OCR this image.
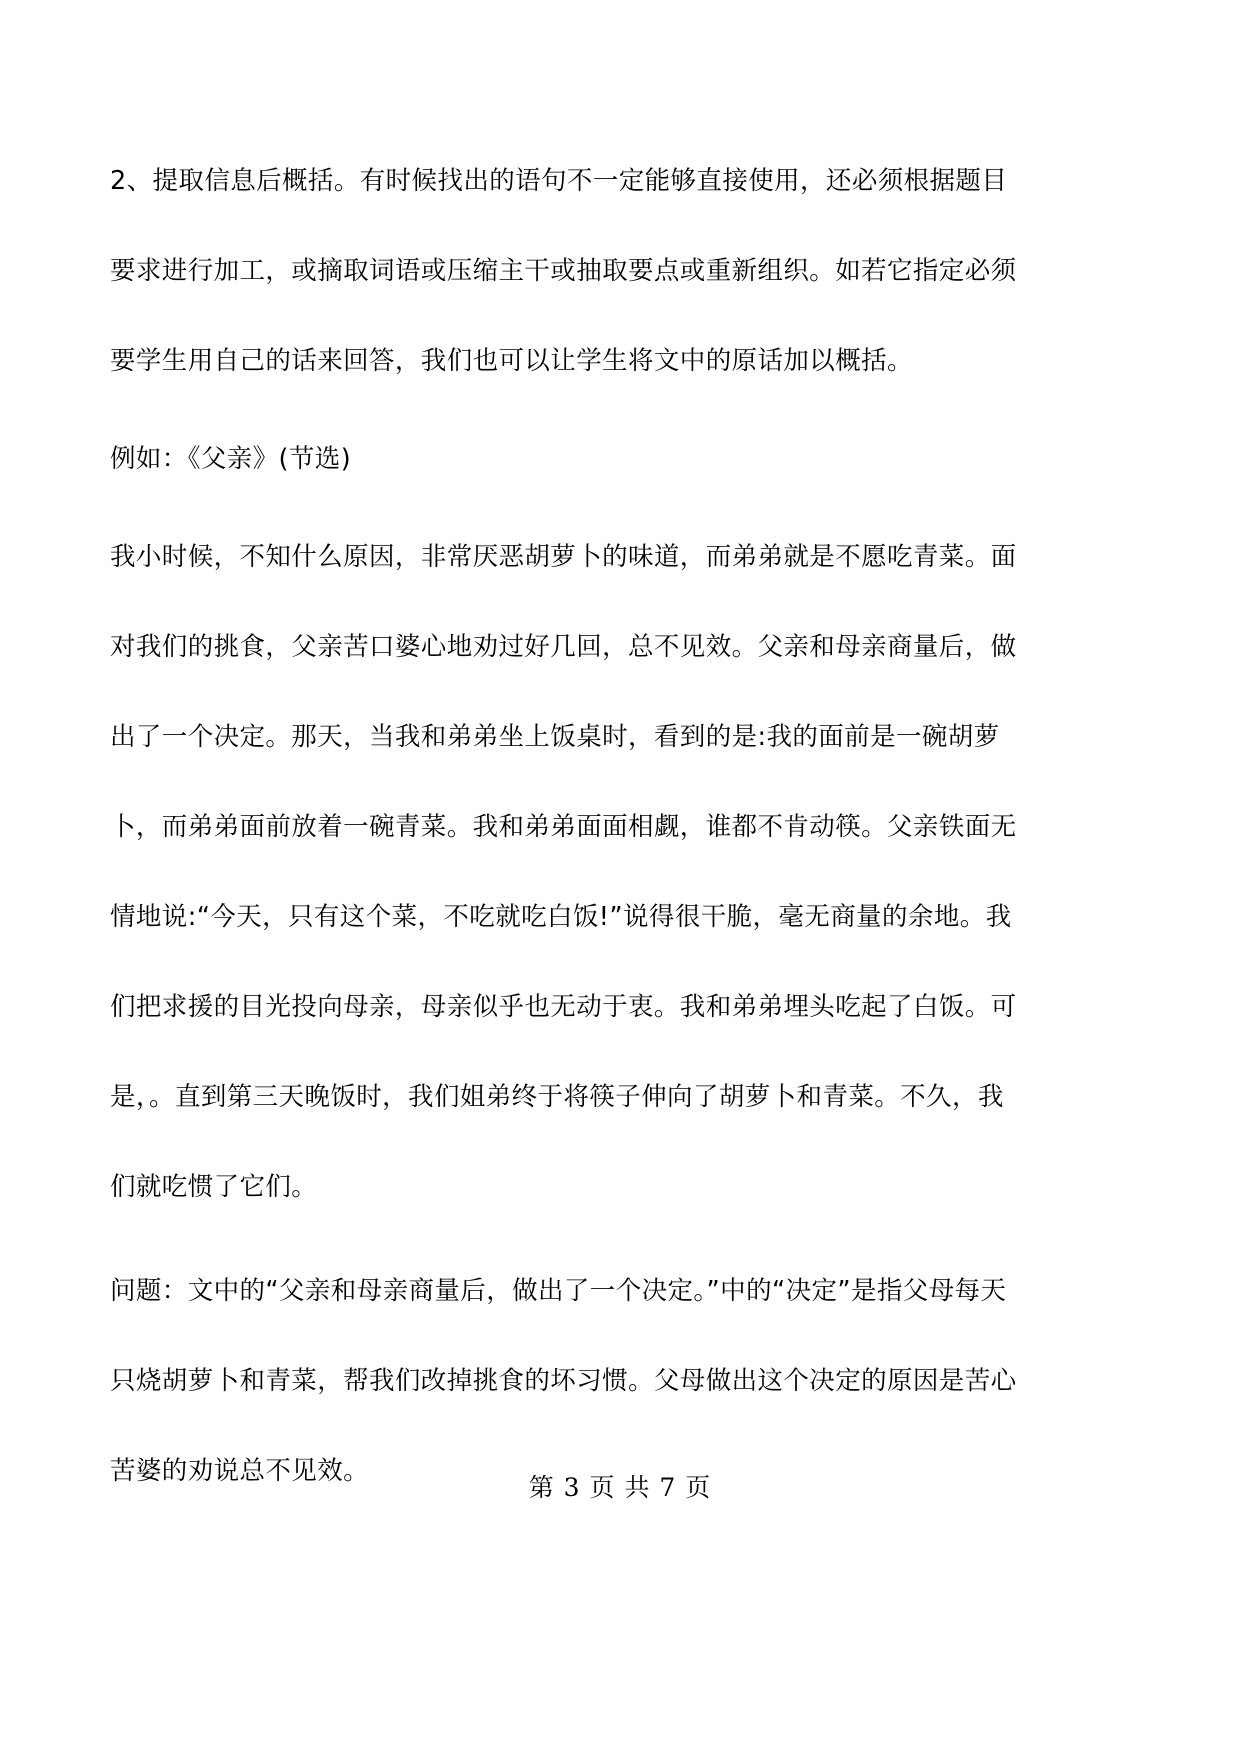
2、提取信息后概括。有时候找出的语句不一定能够直接使用，还必须根据题目要求进行加工，或摘取词语或压缩主干或抽取要点或重新组织。如若它指定必须要学生用自己的话来回答，我们也可以让学生将文中的原话加以概括。

例如：《父亲》(节选)

我小时候，不知什么原因，非常厌恶胡萝卜的味道，而弟弟就是不愿吃青菜。面对我们的挑食，父亲苦口婆心地劝过好几回，总不见效。父亲和母亲商量后，做出了一个决定。那天，当我和弟弟坐上饭桌时，看到的是:我的面前是一碗胡萝卜，而弟弟面前放着一碗青菜。我和弟弟面面相觑，谁都不肯动筷。父亲铁面无情地说:“今天，只有这个菜，不吃就吃白饭!”说得很干脆，毫无商量的余地。我们把求援的目光投向母亲，母亲似乎也无动于衷。我和弟弟埋头吃起了白饭。可是，。直到第三天晚饭时，我们姐弟终于将筷子伸向了胡萝卜和青菜。不久，我们就吃惯了它们。

问题：文中的“父亲和母亲商量后，做出了一个决定。”中的“决定”是指父母每天只烧胡萝卜和青菜，帮我们改掉挑食的坏习惯。父母做出这个决定的原因是苦心苦婆的劝说总不见效。

第 3 页 共 7 页
